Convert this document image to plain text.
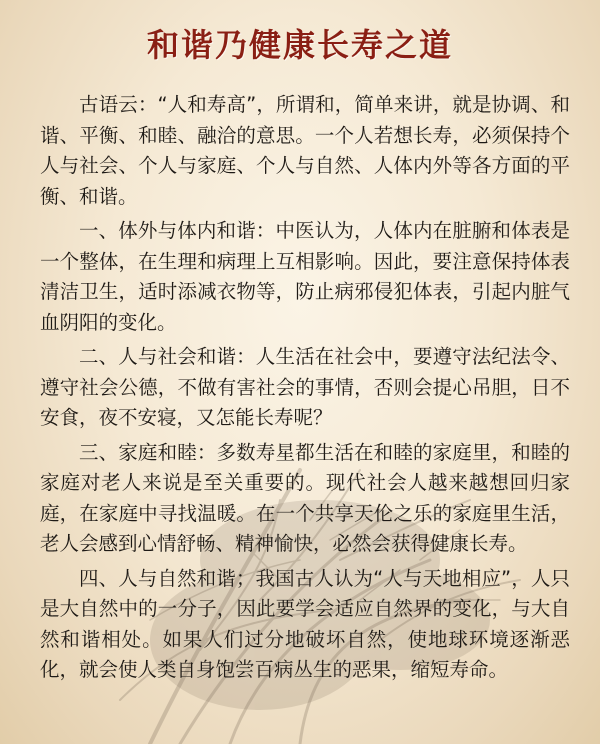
和谐乃健康长寿之道

古语云：“人和寿高”，所谓和，简单来讲，就是协调、和谐、平衡、和睦、融洽的意思。一个人若想长寿，必须保持个人与社会、个人与家庭、个人与自然、人体内外等各方面的平衡、和谐。

一、体外与体内和谐：中医认为，人体内在脏腑和体表是一个整体，在生理和病理上互相影响。因此，要注意保持体表清洁卫生，适时添减衣物等，防止病邪侵犯体表，引起内脏气血阴阳的变化。

二、人与社会和谐：人生活在社会中，要遵守法纪法令、遵守社会公德，不做有害社会的事情，否则会提心吊胆，日不安食，夜不安寝，又怎能长寿呢？

三、家庭和睦：多数寿星都生活在和睦的家庭里，和睦的家庭对老人来说是至关重要的。现代社会人越来越想回归家庭，在家庭中寻找温暖。在一个共享天伦之乐的家庭里生活，老人会感到心情舒畅、精神愉快，必然会获得健康长寿。

四、人与自然和谐；我国古人认为“人与天地相应”，人只是大自然中的一分子，因此要学会适应自然界的变化，与大自然和谐相处。如果人们过分地破坏自然，使地球环境逐渐恶化，就会使人类自身饱尝百病丛生的恶果，缩短寿命。
